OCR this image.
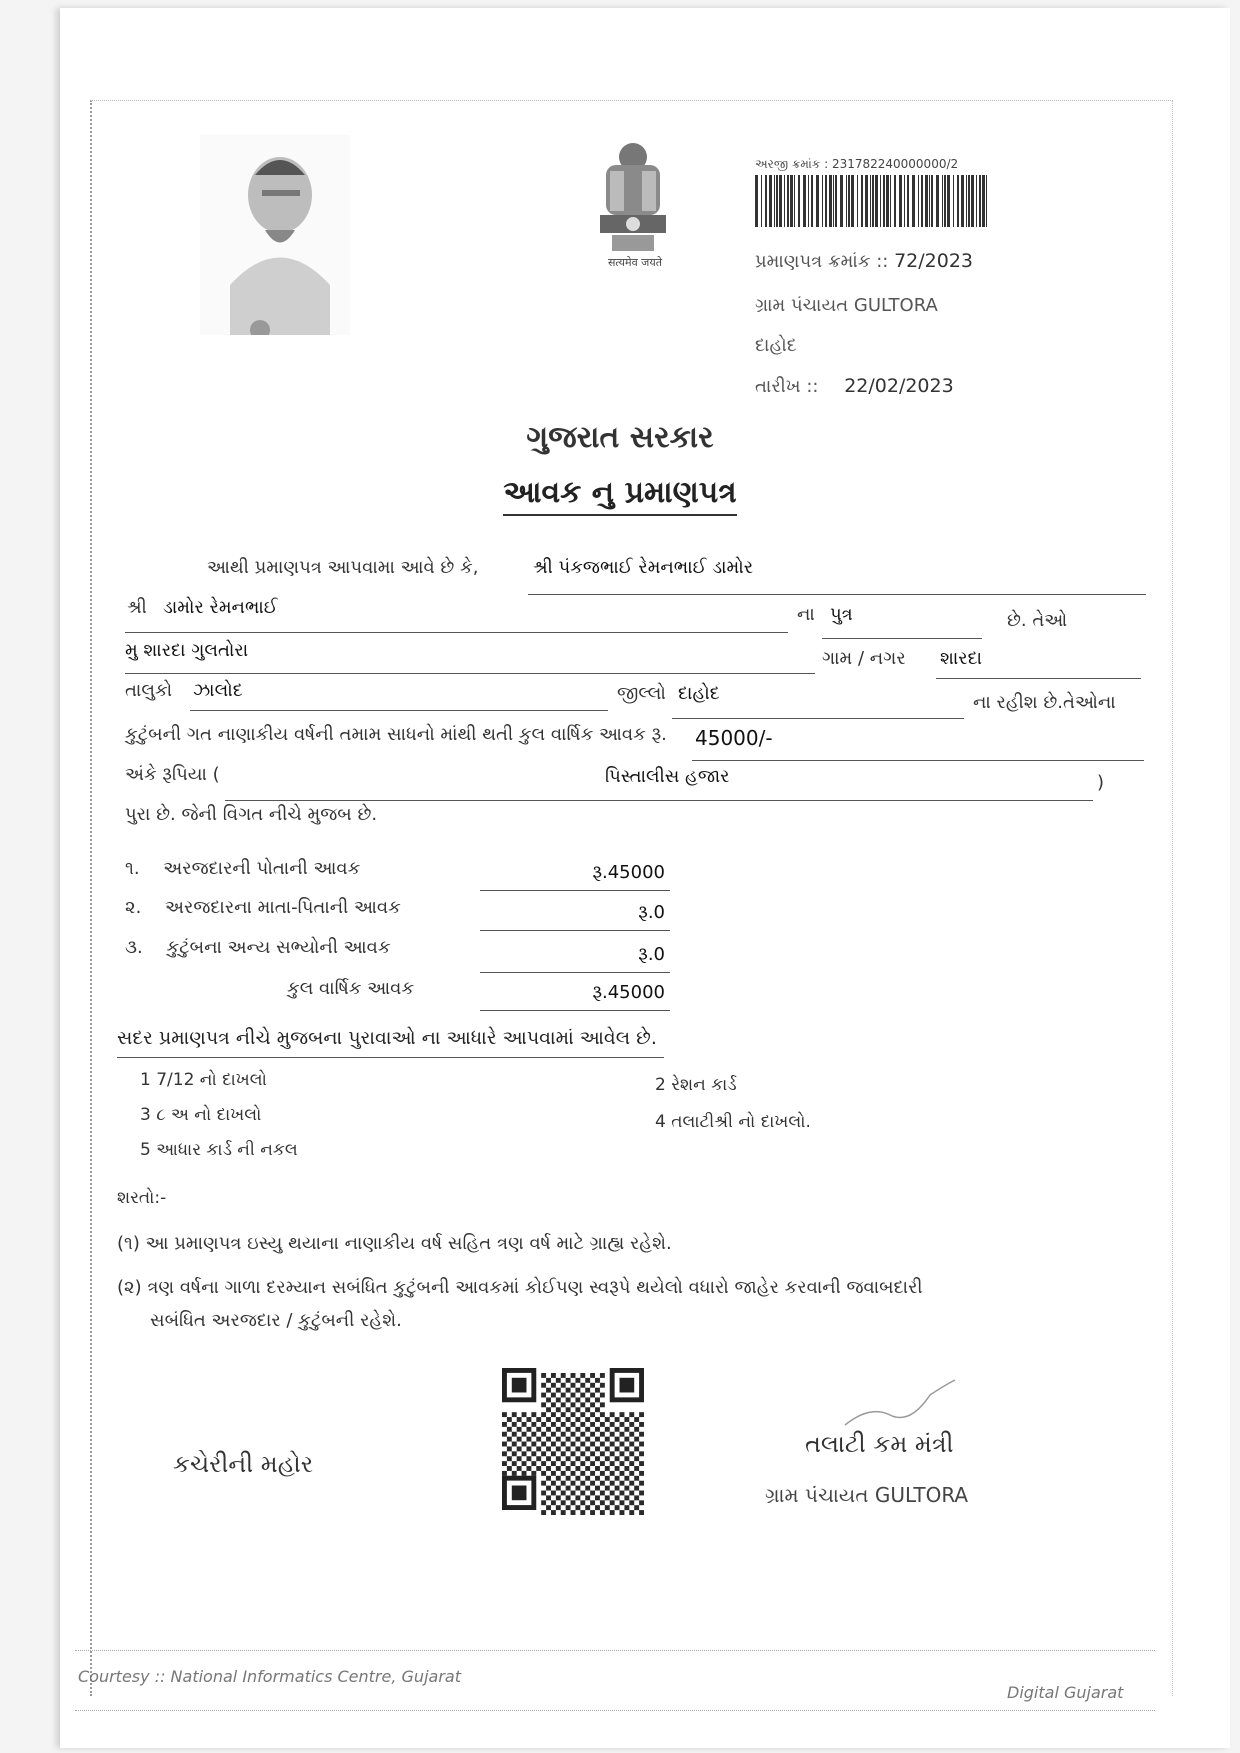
सत्यमेव जयते
અરજી ક્રમાંક : 231782240000000/2
પ્રમાણપત્ર ક્રમાંક :: 72/2023
ગ્રામ પંચાયત GULTORA
દાહોદ
તારીખ :: 22/02/2023
ગુજરાત સરકાર
આવક નુ પ્રમાણપત્ર
આથી પ્રમાણપત્ર આપવામા આવે છે કે,	શ્રી પંકજભાઈ રેમનભાઈ ડામોર
શ્રી ડામોર રેમનભાઈ	ના પુત્ર	છે. તેઓ
મુ શારદા ગુલતોરા	ગામ / નગર શારદા
તાલુકો ઝાલોદ	જીલ્લો દાહોદ	ના રહીશ છે.તેઓના
કુટુંબની ગત નાણાકીય વર્ષની તમામ સાધનો માંથી થતી કુલ વાર્ષિક આવક રૂ. 45000/-
અંકે રૂપિયા (	પિસ્તાલીસ હજાર	)
પુરા છે. જેની વિગત નીચે મુજબ છે.
૧. અરજદારની પોતાની આવક	રૂ.45000
૨. અરજદારના માતા-પિતાની આવક	રૂ.0
૩. કુટુંબના અન્ય સભ્યોની આવક	રૂ.0
કુલ વાર્ષિક આવક	રૂ.45000
સદર પ્રમાણપત્ર નીચે મુજબના પુરાવાઓ ના આધારે આપવામાં આવેલ છે.
1 7/12 નો દાખલો	2 રેશન કાર્ડ
3 ૮ અ નો દાખલો	4 તલાટીશ્રી નો દાખલો.
5 આધાર કાર્ડ ની નકલ
શરતો:-
(૧) આ પ્રમાણપત્ર ઇસ્યુ થયાના નાણાકીય વર્ષ સહિત ત્રણ વર્ષ માટે ગ્રાહ્ય રહેશે.
(૨) ત્રણ વર્ષના ગાળા દરમ્યાન સબંધિત કુટુંબની આવકમાં કોઈપણ સ્વરૂપે થયેલો વધારો જાહેર કરવાની જવાબદારી
સબંધિત અરજદાર / કુટુંબની રહેશે.
કચેરીની મહોર
તલાટી કમ મંત્રી
ગ્રામ પંચાયત GULTORA
Courtesy :: National Informatics Centre, Gujarat
Digital Gujarat
